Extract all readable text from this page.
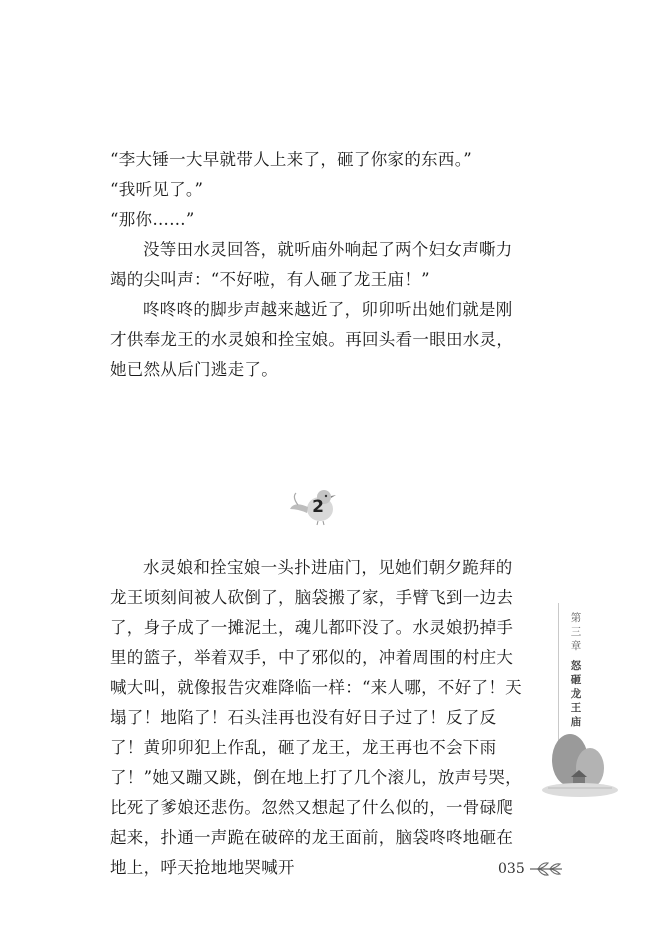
“李大锤一大早就带人上来了，砸了你家的东西。”

“我听见了。”

“那你……”

没等田水灵回答，就听庙外响起了两个妇女声嘶力竭的尖叫声：“不好啦，有人砸了龙王庙！”

咚咚咚的脚步声越来越近了，卯卯听出她们就是刚才供奉龙王的水灵娘和拴宝娘。再回头看一眼田水灵，她已然从后门逃走了。

2

水灵娘和拴宝娘一头扑进庙门，见她们朝夕跪拜的龙王顷刻间被人砍倒了，脑袋搬了家，手臂飞到一边去了，身子成了一摊泥土，魂儿都吓没了。水灵娘扔掉手里的篮子，举着双手，中了邪似的，冲着周围的村庄大喊大叫，就像报告灾难降临一样：“来人哪，不好了！天塌了！地陷了！石头洼再也没有好日子过了！反了反了！黄卯卯犯上作乱，砸了龙王，龙王再也不会下雨了！”她又蹦又跳，倒在地上打了几个滚儿，放声号哭，比死了爹娘还悲伤。忽然又想起了什么似的，一骨碌爬起来，扑通一声跪在破碎的龙王面前，脑袋咚咚地砸在地上，呼天抢地地哭喊开

第三章
怒砸龙王庙
035
